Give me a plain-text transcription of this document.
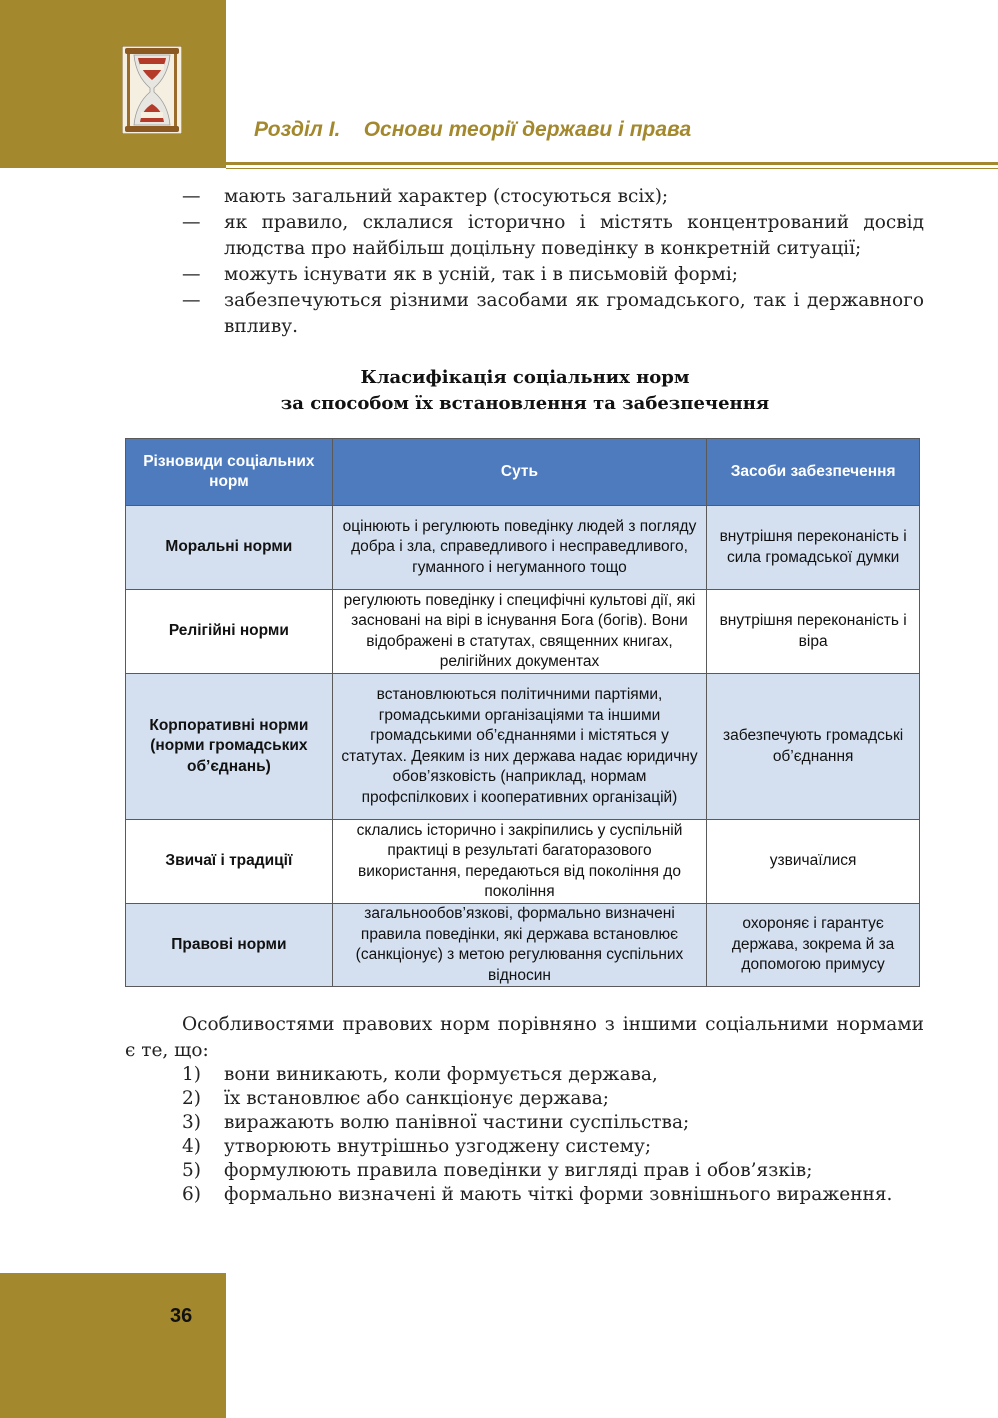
Розділ І.    Основи теорії держави і права
—	мають загальний характер (стосуються всіх);
—	як правило, склалися історично і містять концентрований досвід людства про найбільш доцільну поведінку в конкретній ситуації;
—	можуть існувати як в усній, так і в письмовій формі;
—	забезпечуються різними засобами як громадського, так і державного впливу.
Класифікація соціальних норм
за способом їх встановлення та забезпечення
Різновиди соціальних норм	Суть	Засоби забезпечення
Моральні норми	оцінюють і регулюють поведінку людей з погляду добра і зла, справедливого і несправедливого, гуманного і негуманного тощо	внутрішня переконаність і сила громадської думки
Релігійні норми	регулюють поведінку і специфічні культові дії, які засновані на вірі в існування Бога (богів). Вони відображені в статутах, священних книгах, релігійних документах	внутрішня переконаність і віра
Корпоративні норми (норми громадських об’єднань)	встановлюються політичними партіями, громадськими організаціями та іншими громадськими об’єднаннями і містяться у статутах. Деяким із них держава надає юридичну обов’язковість (наприклад, нормам профспілкових і кооперативних організацій)	забезпечують громадські об’єднання
Звичаї і традиції	склались історично і закріпились у суспільній практиці в результаті багаторазового використання, передаються від покоління до покоління	узвичаїлися
Правові норми	загальнообов’язкові, формально визначені правила поведінки, які держава встановлює (санкціонує) з метою регулювання суспільних відносин	охороняє і гарантує держава, зокрема й за допомогою примусу
Особливостями правових норм порівняно з іншими соціальними нормами є те, що:
1) вони виникають, коли формується держава,
2) їх встановлює або санкціонує держава;
3) виражають волю панівної частини суспільства;
4) утворюють внутрішньо узгоджену систему;
5) формулюють правила поведінки у вигляді прав і обов’язків;
6) формально визначені й мають чіткі форми зовнішнього вираження.
36
